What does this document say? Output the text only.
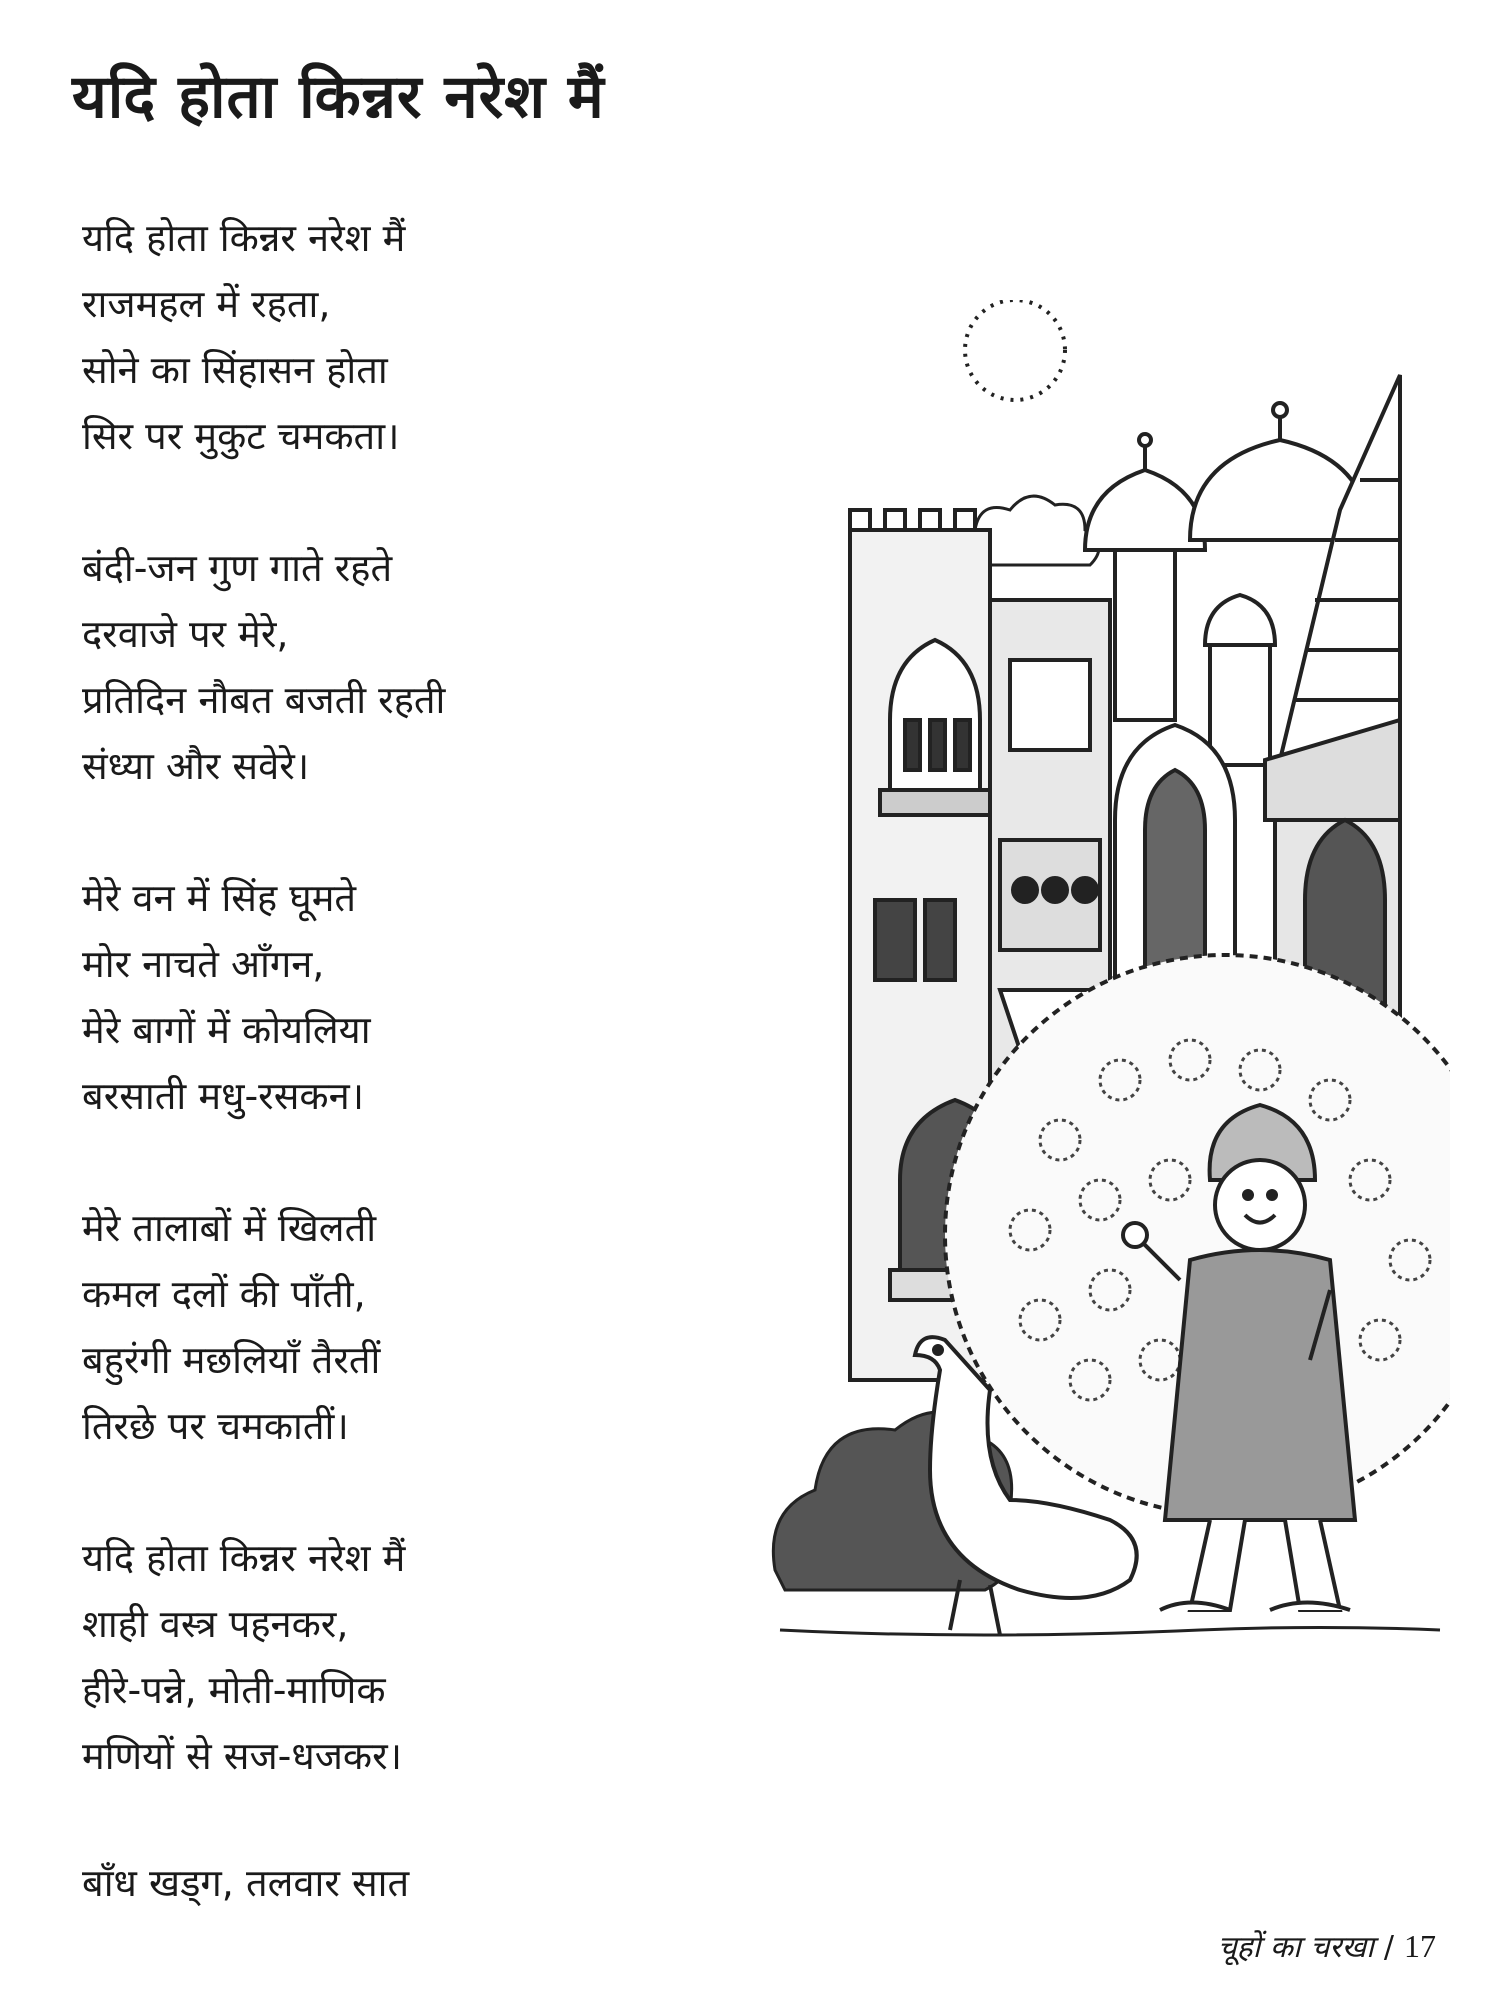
यदि होता किन्नर नरेश मैं

यदि होता किन्नर नरेश मैं

राजमहल में रहता,

सोने का सिंहासन होता

सिर पर मुकुट चमकता।

बंदी-जन गुण गाते रहते

दरवाजे पर मेरे,

प्रतिदिन नौबत बजती रहती

संध्या और सवेरे।

मेरे वन में सिंह घूमते

मोर नाचते आँगन,

मेरे बागों में कोयलिया

बरसाती मधु-रसकन।

मेरे तालाबों में खिलती

कमल दलों की पाँती,

बहुरंगी मछलियाँ तैरतीं

तिरछे पर चमकातीं।

यदि होता किन्नर नरेश मैं

शाही वस्त्र पहनकर,

हीरे-पन्ने, मोती-माणिक

मणियों से सज-धजकर।

बाँध खड्ग, तलवार सात

चूहों का चरखा / 17
